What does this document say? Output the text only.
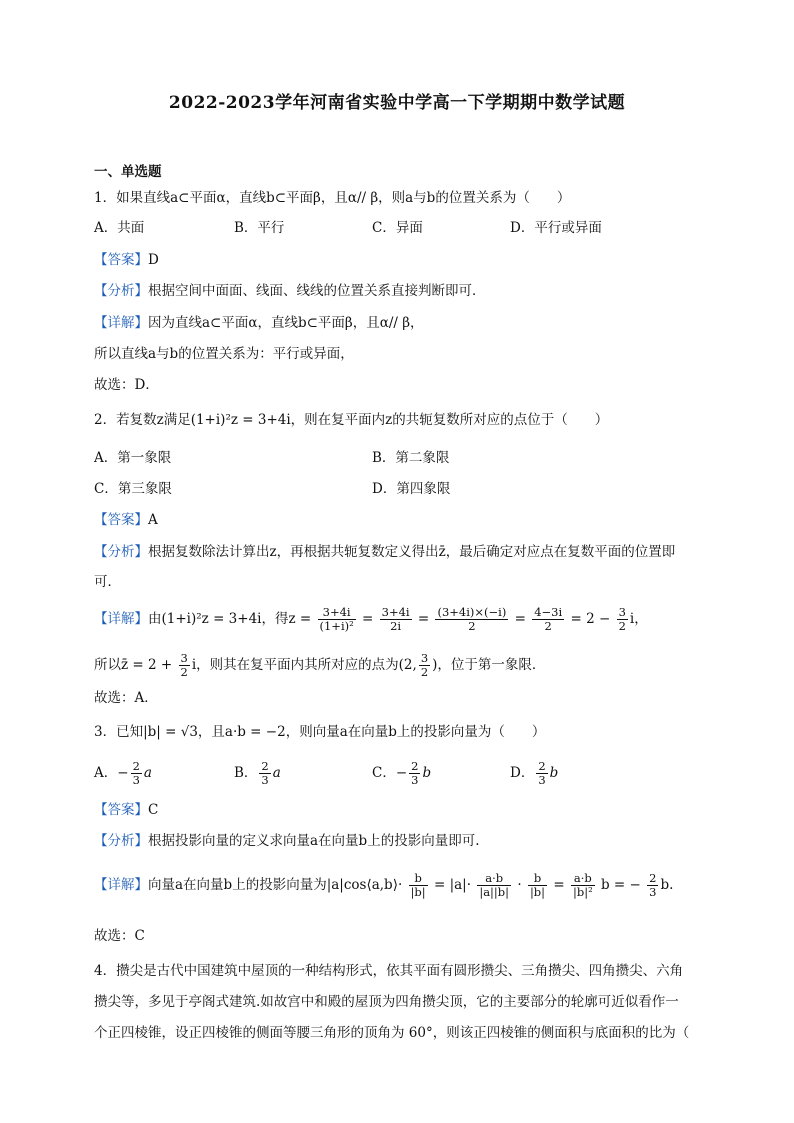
2022-2023学年河南省实验中学高一下学期期中数学试题
一、单选题
1．如果直线a⊂平面α，直线b⊂平面β，且α// β，则a与b的位置关系为（　　）
A．共面	B．平行	C．异面	D．平行或异面
【答案】D
【分析】根据空间中面面、线面、线线的位置关系直接判断即可．
【详解】因为直线a⊂平面α，直线b⊂平面β，且α// β，
所以直线a与b的位置关系为：平行或异面，
故选：D．
2．若复数z满足(1+i)²z = 3+4i，则在复平面内z的共轭复数所对应的点位于（　　）
A．第一象限	B．第二象限
C．第三象限	D．第四象限
【答案】A
【分析】根据复数除法计算出z，再根据共轭复数定义得出z̄，最后确定对应点在复数平面的位置即
可．
【详解】由(1+i)²z = 3+4i，得$z = \frac{3+4i}{\text{(1+i)²}} = \frac{3+4i}{2i} = \frac{(3+4i)\times(-i)}{2} = \frac{4-3i}{2} = 2 - \frac{3}{2}$ i，
所以z̄ = $2 + \frac{3}{2}$ i，则其在复平面内其所对应的点为(2, $\frac{3}{2}$ )，位于第一象限．
故选：A．
3．已知|b| = √3，且a·b = −2，则向量a在向量b上的投影向量为（　　）
A．− $\frac{2}{3}$ a	B． $\frac{2}{3}$ a	C．− $\frac{2}{3}$ b	D． $\frac{2}{3}$ b
【答案】C
【分析】根据投影向量的定义求向量a在向量b上的投影向量即可.
【详解】向量a在向量b上的投影向量为|a|cos⟨a,b⟩· $\frac{b}{|b|} = |a|\cdot \frac{a\cdot b}{|a||b|} \cdot \frac{b}{|b|} = \frac{a\cdot b}{\text{|b|²}}$ b = − $\frac{2}{3} b$.
故选：C
4．攒尖是古代中国建筑中屋顶的一种结构形式，依其平面有圆形攒尖、三角攒尖、四角攒尖、六角
攒尖等，多见于亭阁式建筑.如故宫中和殿的屋顶为四角攒尖顶，它的主要部分的轮廓可近似看作一
个正四棱锥，设正四棱锥的侧面等腰三角形的顶角为 60°，则该正四棱锥的侧面积与底面积的比为（
